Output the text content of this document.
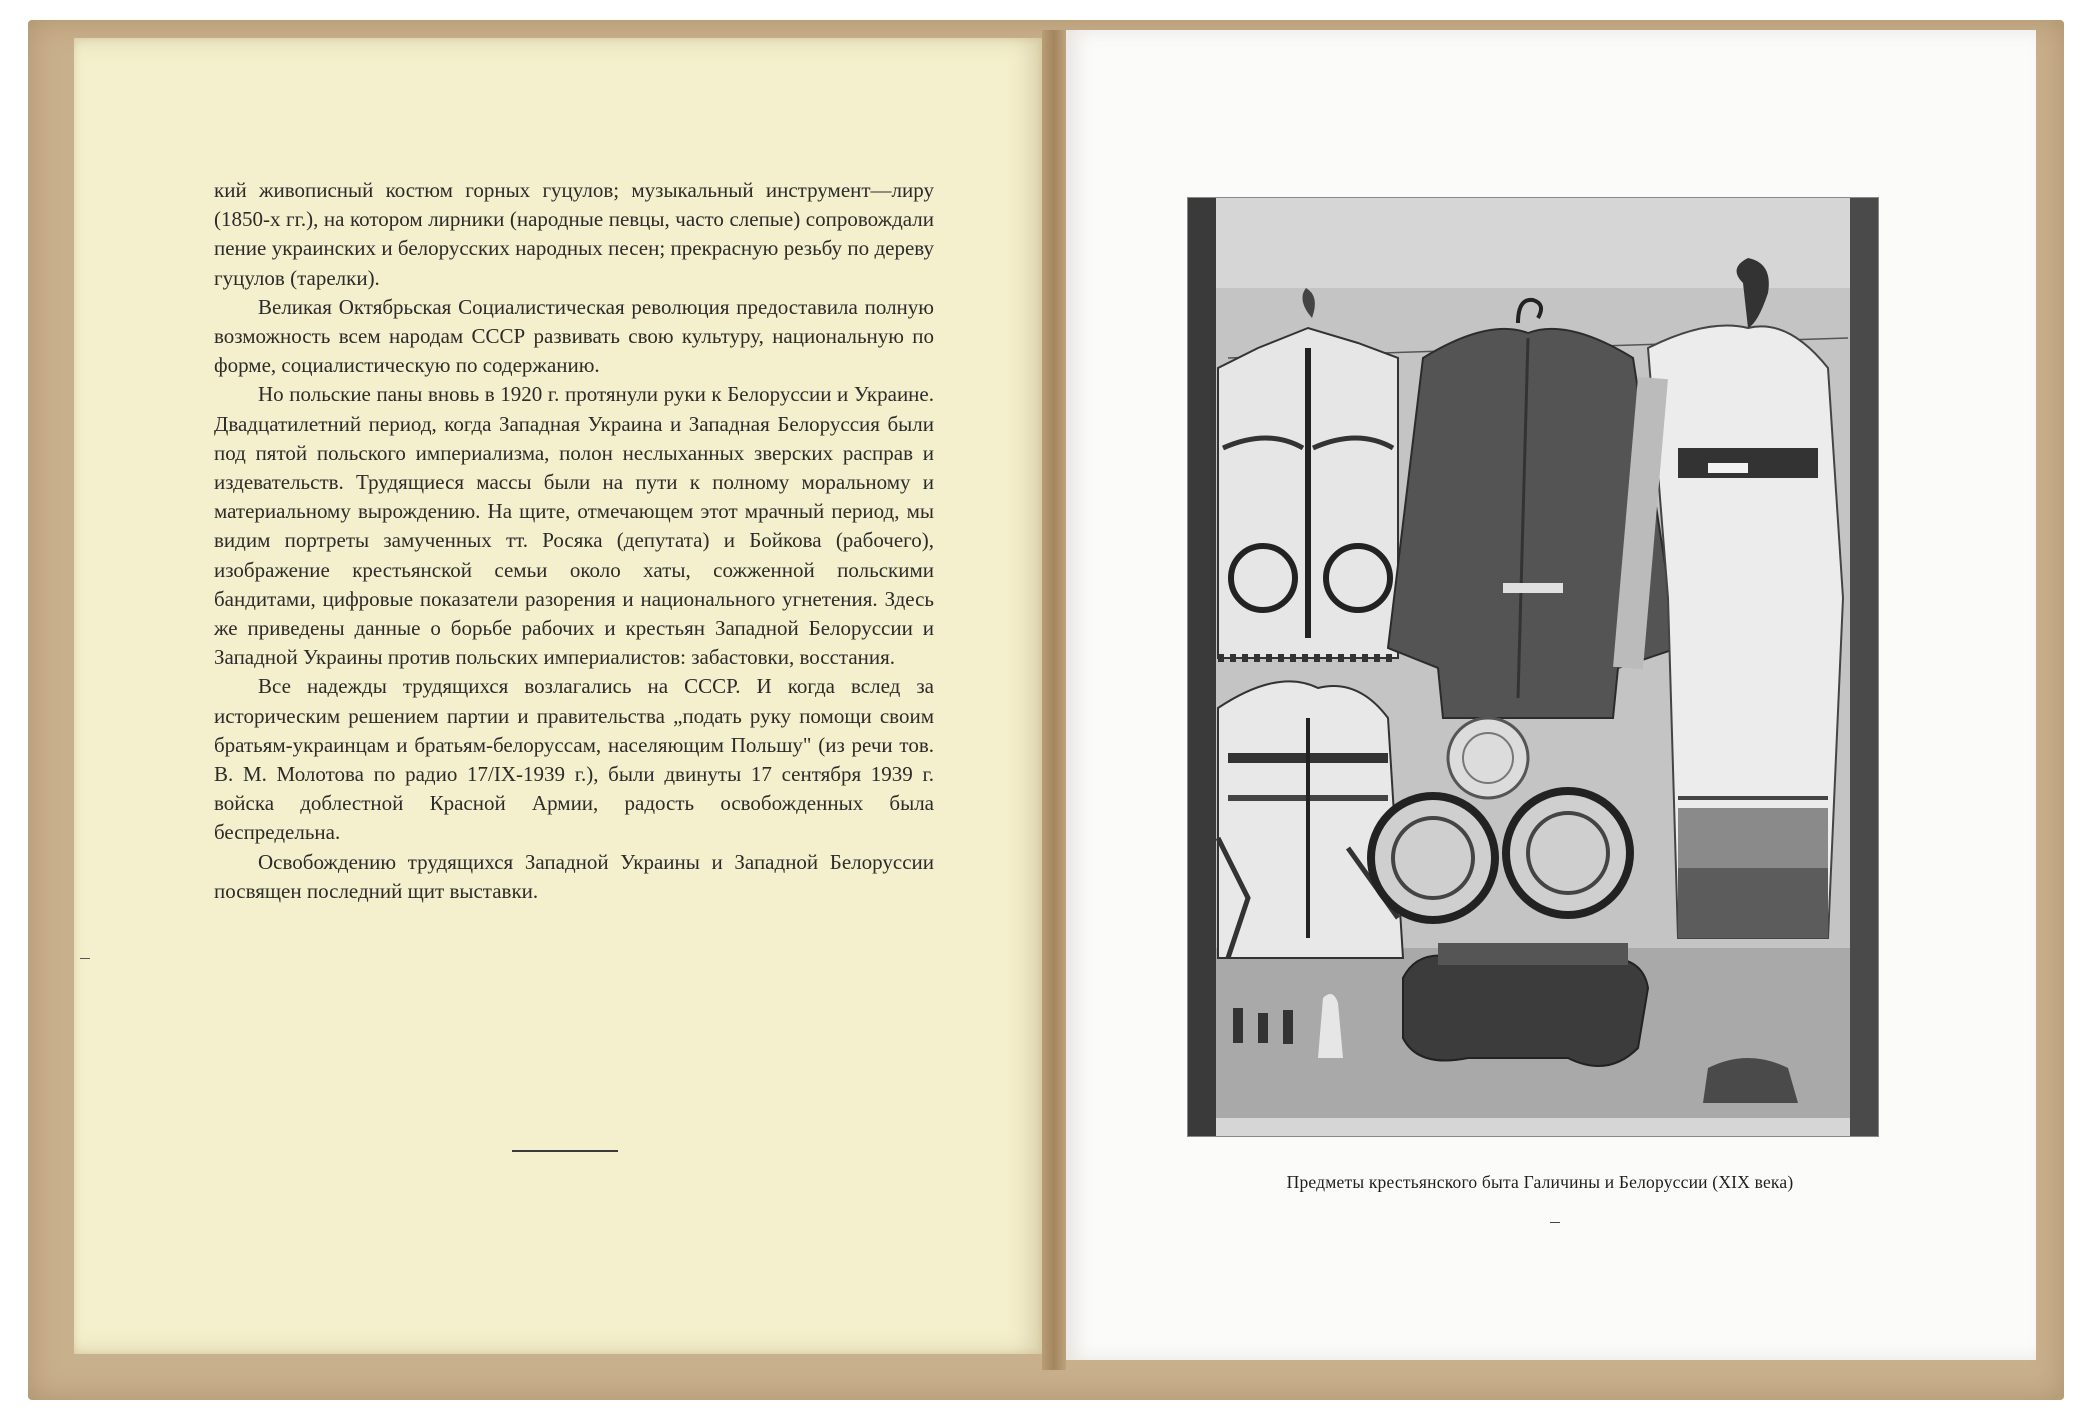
кий живописный костюм горных гуцулов; музыкальный инструмент—лиру (1850-х гг.), на котором лирники (народные певцы, часто слепые) сопровождали пение украинских и белорусских народных песен; прекрасную резьбу по дереву гуцулов (тарелки).

Великая Октябрьская Социалистическая революция предоставила полную возможность всем народам СССР развивать свою культуру, национальную по форме, социалистическую по содержанию.

Но польские паны вновь в 1920 г. протянули руки к Белоруссии и Украине. Двадцатилетний период, когда Западная Украина и Западная Белоруссия были под пятой польского империализма, полон неслыханных зверских расправ и издевательств. Трудящиеся массы были на пути к полному моральному и материальному вырождению. На щите, отмечающем этот мрачный период, мы видим портреты замученных тт. Росяка (депутата) и Бойкова (рабочего), изображение крестьянской семьи около хаты, сожженной польскими бандитами, цифровые показатели разорения и национального угнетения. Здесь же приведены данные о борьбе рабочих и крестьян Западной Белоруссии и Западной Украины против польских империалистов: забастовки, восстания.

Все надежды трудящихся возлагались на СССР. И когда вслед за историческим решением партии и правительства „подать руку помощи своим братьям-украинцам и братьям-белоруссам, населяющим Польшу" (из речи тов. В. М. Молотова по радио 17/IX-1939 г.), были двинуты 17 сентября 1939 г. войска доблестной Красной Армии, радость освобожденных была беспредельна.

Освобождению трудящихся Западной Украины и Западной Белоруссии посвящен последний щит выставки.

Предметы крестьянского быта Галичины и Белоруссии (XIX века)
